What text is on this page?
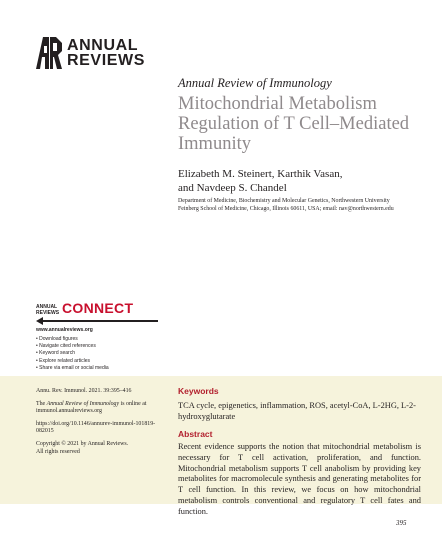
ANNUAL
REVIEWS
Annual Review of Immunology
Mitochondrial Metabolism Regulation of T Cell–Mediated Immunity
Elizabeth M. Steinert, Karthik Vasan,
and Navdeep S. Chandel
Department of Medicine, Biochemistry and Molecular Genetics, Northwestern University
Feinberg School of Medicine, Chicago, Illinois 60611, USA; email: nav@northwestern.edu
ANNUAL
REVIEWS CONNECT
www.annualreviews.org
• Download figures
• Navigate cited references
• Keyword search
• Explore related articles
• Share via email or social media

Annu. Rev. Immunol. 2021. 39:395–416

The Annual Review of Immunology is online at immunol.annualreviews.org

https://doi.org/10.1146/annurev-immunol-101819-082015

Copyright © 2021 by Annual Reviews.
All rights reserved

Keywords
TCA cycle, epigenetics, inflammation, ROS, acetyl-CoA, L-2HG, L-2-hydroxyglutarate
Abstract
Recent evidence supports the notion that mitochondrial metabolism is necessary for T cell activation, proliferation, and function. Mitochondrial metabolism supports T cell anabolism by providing key metabolites for macromolecule synthesis and generating metabolites for T cell function. In this review, we focus on how mitochondrial metabolism controls conventional and regulatory T cell fates and function.
395
